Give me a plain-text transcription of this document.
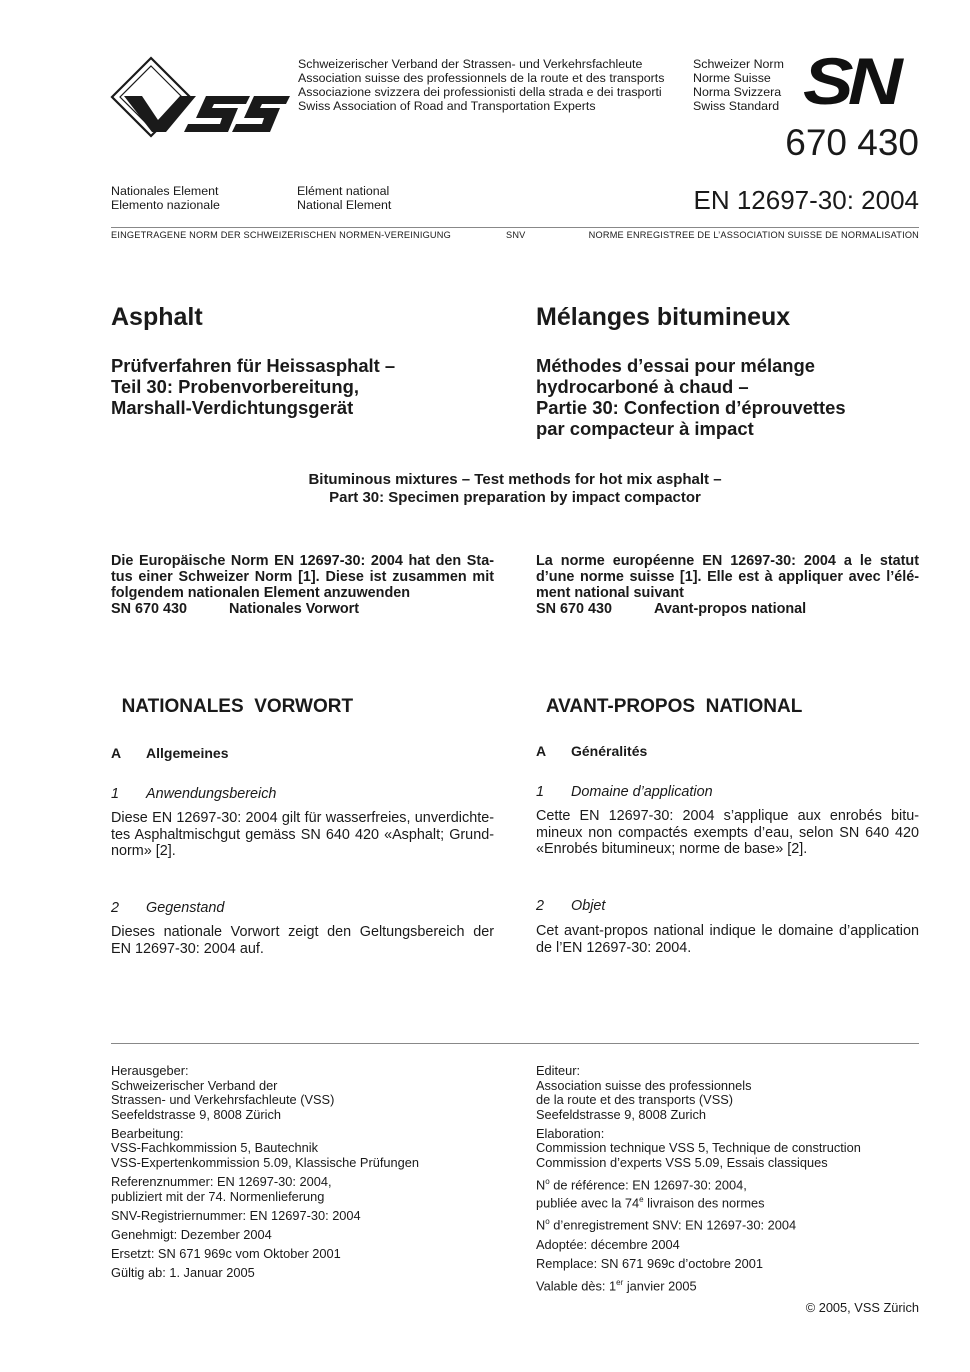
Schweizerischer Verband der Strassen- und Verkehrsfachleute
Association suisse des professionnels de la route et des transports
Associazione svizzera dei professionisti della strada e dei trasporti
Swiss Association of Road and Transportation Experts
Schweizer Norm
Norme Suisse
Norma Svizzera
Swiss Standard SN
670 430
Nationales Element
Elemento nazionale
Elément national
National Element	EN 12697-30: 2004
EINGETRAGENE NORM DER SCHWEIZERISCHEN NORMEN-VEREINIGUNG	SNV	NORME ENREGISTREE DE L’ASSOCIATION SUISSE DE NORMALISATION
Asphalt
Prüfverfahren für Heissasphalt –
Teil 30: Probenvorbereitung,
Marshall-Verdichtungsgerät
Mélanges bitumineux
Méthodes d’essai pour mélange
hydrocarboné à chaud –
Partie 30: Confection d’éprouvettes
par compacteur à impact
Bituminous mixtures – Test methods for hot mix asphalt –
Part 30: Specimen preparation by impact compactor
Die Europäische Norm EN 12697-30: 2004 hat den Sta-
tus einer Schweizer Norm [1]. Diese ist zusammen mit
folgendem nationalen Element anzuwenden
SN 670 430	Nationales Vorwort
La norme européenne EN 12697-30: 2004 a le statut
d’une norme suisse [1]. Elle est à appliquer avec l’élé-
ment national suivant
SN 670 430	Avant-propos national

NATIONALES  VORWORT

A Allgemeines
1 Anwendungsbereich
Diese EN 12697-30: 2004 gilt für wasserfreies, unverdichte-
tes Asphaltmischgut gemäss SN 640 420 «Asphalt; Grund-
norm» [2].
2 Gegenstand
Dieses nationale Vorwort zeigt den Geltungsbereich der
EN 12697-30: 2004 auf.

AVANT-PROPOS  NATIONAL

A Généralités
1 Domaine d’application
Cette EN 12697-30: 2004 s’applique aux enrobés bitu-
mineux non compactés exempts d’eau, selon SN 640 420
«Enrobés bitumineux; norme de base» [2].
2 Objet
Cet avant-propos national indique le domaine d’application
de l’EN 12697-30: 2004.
Herausgeber:
Schweizerischer Verband der
Strassen- und Verkehrsfachleute (VSS)
Seefeldstrasse 9, 8008 Zürich
Bearbeitung:
VSS-Fachkommission 5, Bautechnik
VSS-Expertenkommission 5.09, Klassische Prüfungen
Referenznummer: EN 12697-30: 2004,
publiziert mit der 74. Normenlieferung
SNV-Registriernummer: EN 12697-30: 2004
Genehmigt: Dezember 2004
Ersetzt: SN 671 969c vom Oktober 2001
Gültig ab: 1. Januar 2005
Editeur:
Association suisse des professionnels
de la route et des transports (VSS)
Seefeldstrasse 9, 8008 Zurich
Elaboration:
Commission technique VSS 5, Technique de construction
Commission d’experts VSS 5.09, Essais classiques
$N^o$ de référence: EN 12697-30: 2004,
publiée avec la 74e livraison des normes
$N^o$ d’enregistrement SNV: EN 12697-30: 2004
Adoptée: décembre 2004
Remplace: SN 671 969c d’octobre 2001
Valable dès: 1er janvier 2005
© 2005, VSS Zürich
